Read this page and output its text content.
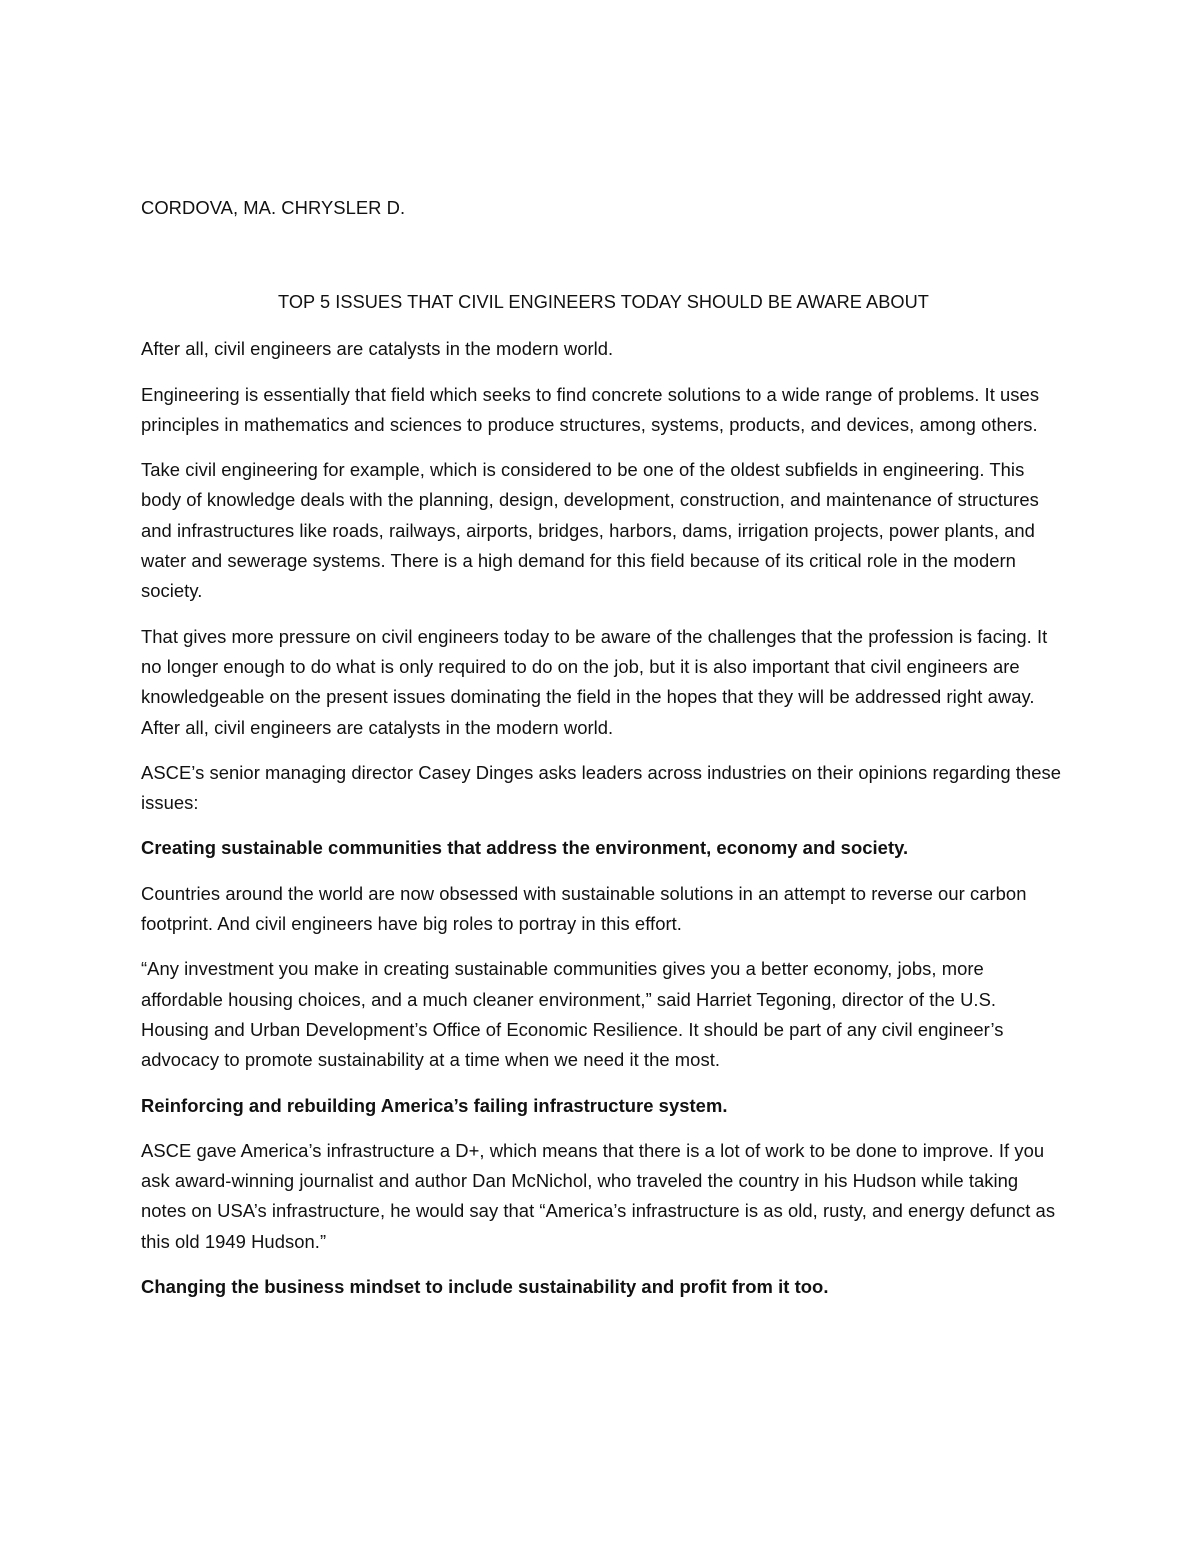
CORDOVA, MA. CHRYSLER D.

TOP 5 ISSUES THAT CIVIL ENGINEERS TODAY SHOULD BE AWARE ABOUT

After all, civil engineers are catalysts in the modern world.

Engineering is essentially that field which seeks to find concrete solutions to a wide range of problems. It uses principles in mathematics and sciences to produce structures, systems, products, and devices, among others.

Take civil engineering for example, which is considered to be one of the oldest subfields in engineering. This body of knowledge deals with the planning, design, development, construction, and maintenance of structures and infrastructures like roads, railways, airports, bridges, harbors, dams, irrigation projects, power plants, and water and sewerage systems. There is a high demand for this field because of its critical role in the modern society.

That gives more pressure on civil engineers today to be aware of the challenges that the profession is facing. It no longer enough to do what is only required to do on the job, but it is also important that civil engineers are knowledgeable on the present issues dominating the field in the hopes that they will be addressed right away. After all, civil engineers are catalysts in the modern world.

ASCE’s senior managing director Casey Dinges asks leaders across industries on their opinions regarding these issues:

Creating sustainable communities that address the environment, economy and society.

Countries around the world are now obsessed with sustainable solutions in an attempt to reverse our carbon footprint. And civil engineers have big roles to portray in this effort.

“Any investment you make in creating sustainable communities gives you a better economy, jobs, more affordable housing choices, and a much cleaner environment,” said Harriet Tegoning, director of the U.S. Housing and Urban Development’s Office of Economic Resilience. It should be part of any civil engineer’s advocacy to promote sustainability at a time when we need it the most.

Reinforcing and rebuilding America’s failing infrastructure system.

ASCE gave America’s infrastructure a D+, which means that there is a lot of work to be done to improve. If you ask award-winning journalist and author Dan McNichol, who traveled the country in his Hudson while taking notes on USA’s infrastructure, he would say that “America’s infrastructure is as old, rusty, and energy defunct as this old 1949 Hudson.”

Changing the business mindset to include sustainability and profit from it too.
